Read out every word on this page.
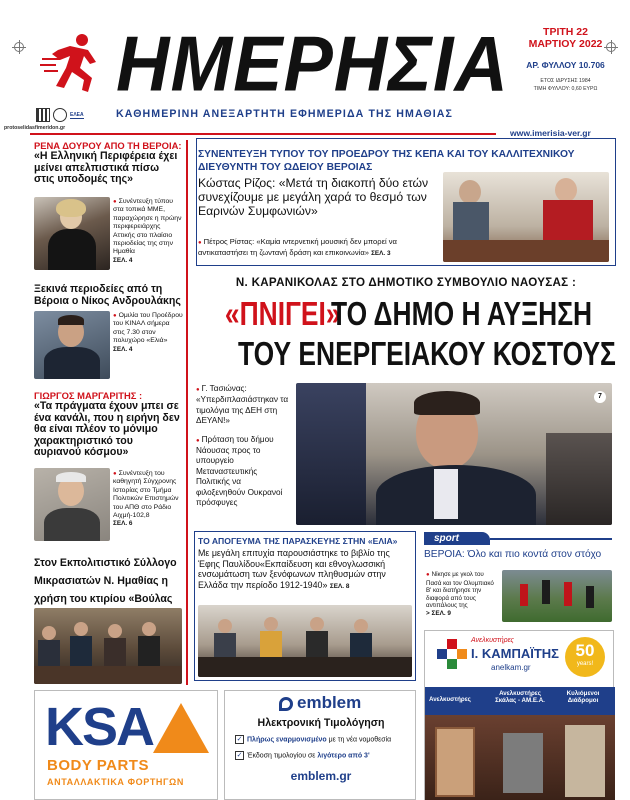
ΗΜΕΡΗΣΙΑ	ΤΡΙΤΗ 22
ΜΑΡΤΙΟΥ 2022
ΑΡ. ΦΥΛΛΟΥ 10.706
ΕΤΟΣ ΙΔΡΥΣΗΣ 1984
ΤΙΜΗ ΦΥΛΛΟΥ: 0,60 ΕΥΡΩ
ΕΛΕΑ	ΚΑΘΗΜΕΡΙΝΗ ΑΝΕΞΑΡΤΗΤΗ ΕΦΗΜΕΡΙΔΑ ΤΗΣ ΗΜΑΘΙΑΣ
protoselidasfimeridon.gr	www.imerisia-ver.gr
ΡΕΝΑ ΔΟΥΡΟΥ ΑΠΟ ΤΗ ΒΕΡΟΙΑ:
«Η Ελληνική Περιφέρεια έχει μείνει απελπιστικά πίσω στις υποδομές της»
● Συνέντευξη τύπου στα τοπικά ΜΜΕ, παραχώρησε η πρώην περιφερειάρχης Αττικής στο πλαίσιο περιοδείας της στην Ημαθία
ΣΕΛ. 4
Ξεκινά περιοδείες από τη Βέροια ο Νίκος Ανδρουλάκης
● Ομιλία του Προέδρου του ΚΙΝΑΛ σήμερα στις 7.30 στον πολυχώρο «Ελιά»
ΣΕΛ. 4
ΓΙΩΡΓΟΣ ΜΑΡΓΑΡΙΤΗΣ :
«Τα πράγματα έχουν μπει σε ένα κανάλι, που η ειρήνη δεν θα είναι πλέον το μόνιμο χαρακτηριστικό του αυριανού κόσμου»
● Συνέντευξη του καθηγητή Σύγχρονης Ιστορίας στο Τμήμα Πολιτικών Επιστημών του ΑΠΘ στο Ράδιο Αιχμή-102,8
ΣΕΛ. 6
Στον Εκπολιτιστικό Σύλλογο Μικρασιατών Ν. Ημαθίας η χρήση του κτιρίου «Βούλας
ΣΥΝΕΝΤΕΥΞΗ ΤΥΠΟΥ ΤΟΥ ΠΡΟΕΔΡΟΥ ΤΗΣ ΚΕΠΑ ΚΑΙ ΤΟΥ ΚΑΛΛΙΤΕΧΝΙΚΟΥ ΔΙΕΥΘΥΝΤΗ ΤΟΥ ΩΔΕΙΟΥ ΒΕΡΟΙΑΣ
Κώστας Ρίζος: «Μετά τη διακοπή δύο ετών συνεχίζουμε με μεγάλη χαρά το θεσμό των Εαρινών Συμφωνιών»
● Πέτρος Ρίστας: «Καμία ιντερνετική μουσική δεν μπορεί να αντικαταστήσει τη ζωντανή δράση και επικοινωνία» ΣΕΛ. 3
Ν. ΚΑΡΑΝΙΚΟΛΑΣ ΣΤΟ ΔΗΜΟΤΙΚΟ ΣΥΜΒΟΥΛΙΟ ΝΑΟΥΣΑΣ :
«ΠΝΙΓΕΙ» ΤΟ ΔΗΜΟ Η ΑΥΞΗΣΗ
ΤΟΥ ΕΝΕΡΓΕΙΑΚΟΥ ΚΟΣΤΟΥΣ
● Γ. Τασιώνας: «Υπερδιπλασιάστηκαν τα τιμολόγια της ΔΕΗ στη ΔΕΥΑΝ!»
● Πρόταση του δήμου Νάουσας προς το υπουργείο Μεταναστευτικής Πολιτικής να φιλοξενηθούν Ουκρανοί πρόσφυγες
7
ΤΟ ΑΠΟΓΕΥΜΑ ΤΗΣ ΠΑΡΑΣΚΕΥΗΣ ΣΤΗΝ «ΕΛΙΑ»
Με μεγάλη επιτυχία παρουσιάστηκε το βιβλίο της Έφης Παυλίδου«Εκπαίδευση και εθνογλωσσική ενσωμάτωση των ξενόφωνων πληθυσμών στην Ελλάδα την περίοδο 1912-1940» ΣΕΛ. 8
sport
ΒΕΡΟΙΑ: Όλο και πιο κοντά στον στόχο
● Νίκησε με γκολ του Πασά και τον Ολυμπιακό Β' και διατήρησε την διαφορά από τους αντιπάλους της
> ΣΕΛ. 9
Ανελκυστήρες
Ι. ΚΑΜΠΑΪΤΗΣ
anelkam.gr
50
years!
Ανελκυστήρες
Ανελκυστήρες Σκάλας - ΑΜ.Ε.Α.
Κυλιόμενοι Διάδρομοι
KSA
BODY PARTS
ΑΝΤΑΛΛΑΚΤΙΚΑ ΦΟΡΤΗΓΩΝ
emblem
Ηλεκτρονική Τιμολόγηση
✓ Πλήρως εναρμονισμένο με τη νέα νομοθεσία
✓ Έκδοση τιμολογίου σε λιγότερο από 3'
emblem.gr
